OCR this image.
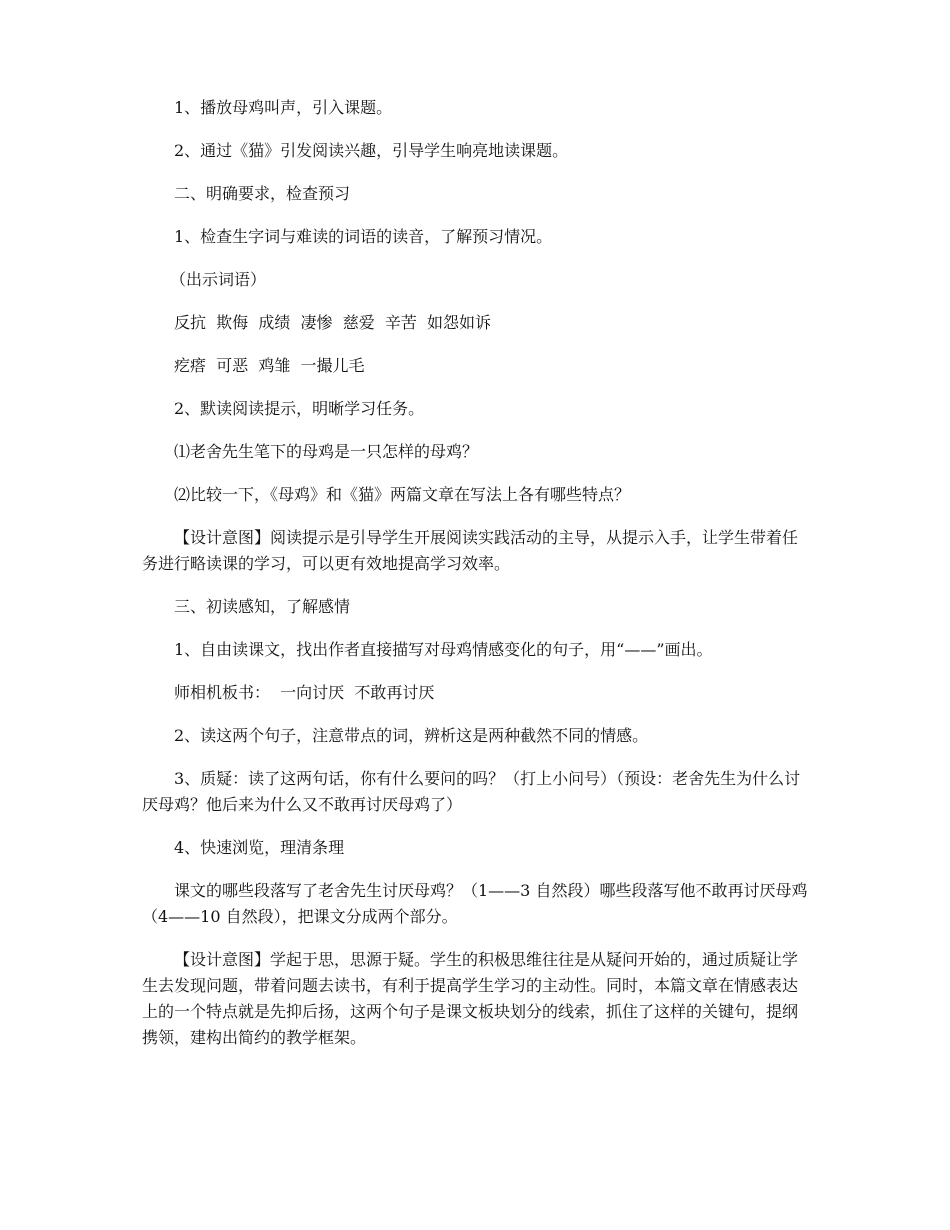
1、播放母鸡叫声，引入课题。

2、通过《猫》引发阅读兴趣，引导学生响亮地读课题。

二、明确要求，检查预习

1、检查生字词与难读的词语的读音，了解预习情况。

（出示词语）

反抗  欺侮  成绩  凄惨  慈爱  辛苦  如怨如诉

疙瘩  可恶  鸡雏  一撮儿毛

2、默读阅读提示，明晰学习任务。

⑴老舍先生笔下的母鸡是一只怎样的母鸡？

⑵比较一下，《母鸡》和《猫》两篇文章在写法上各有哪些特点？

【设计意图】阅读提示是引导学生开展阅读实践活动的主导，从提示入手，让学生带着任务进行略读课的学习，可以更有效地提高学习效率。

三、初读感知，了解感情

1、自由读课文，找出作者直接描写对母鸡情感变化的句子，用“——”画出。

师相机板书：  一向讨厌  不敢再讨厌

2、读这两个句子，注意带点的词，辨析这是两种截然不同的情感。

3、质疑：读了这两句话，你有什么要问的吗？（打上小问号）（预设：老舍先生为什么讨厌母鸡？他后来为什么又不敢再讨厌母鸡了）

4、快速浏览，理清条理

课文的哪些段落写了老舍先生讨厌母鸡？（1——3 自然段）哪些段落写他不敢再讨厌母鸡（4——10 自然段），把课文分成两个部分。

【设计意图】学起于思，思源于疑。学生的积极思维往往是从疑问开始的，通过质疑让学生去发现问题，带着问题去读书，有利于提高学生学习的主动性。同时，本篇文章在情感表达上的一个特点就是先抑后扬，这两个句子是课文板块划分的线索，抓住了这样的关键句，提纲携领，建构出简约的教学框架。
